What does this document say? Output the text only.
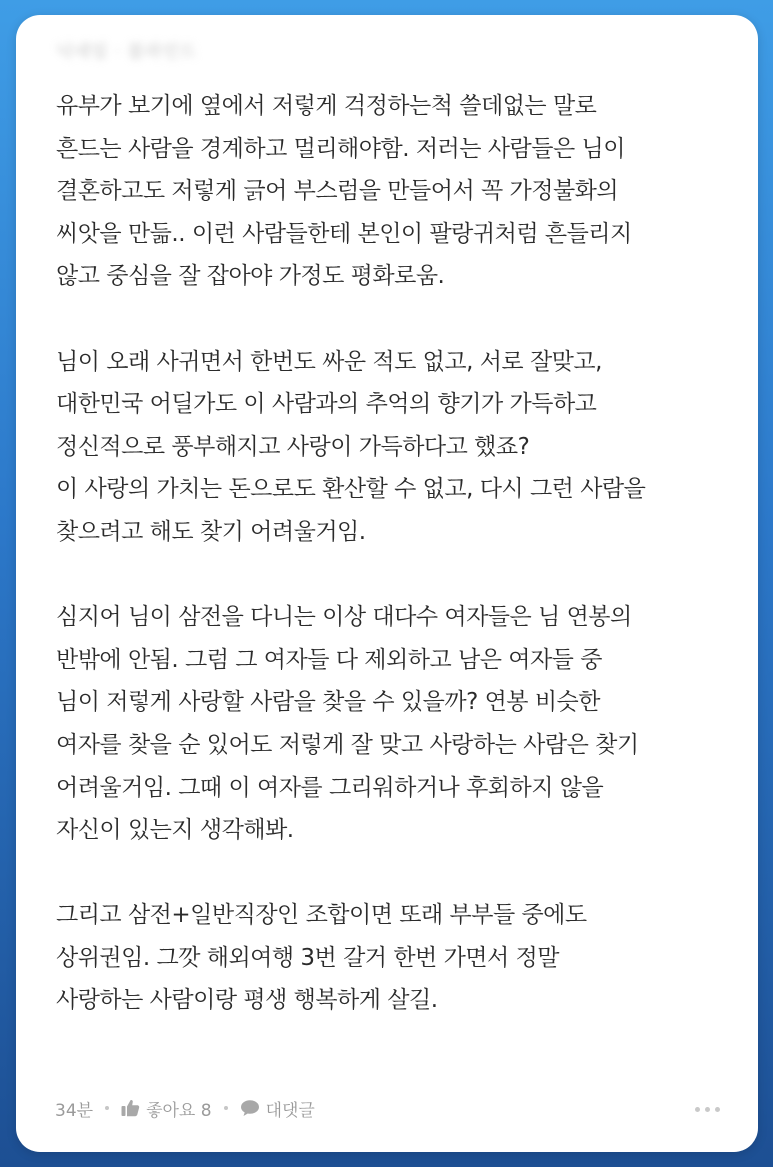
닉네임 · 블라인드
유부가 보기에 옆에서 저렇게 걱정하는척 쓸데없는 말로
흔드는 사람을 경계하고 멀리해야함. 저러는 사람들은 님이
결혼하고도 저렇게 긁어 부스럼을 만들어서 꼭 가정불화의
씨앗을 만듦.. 이런 사람들한테 본인이 팔랑귀처럼 흔들리지
않고 중심을 잘 잡아야 가정도 평화로움.
님이 오래 사귀면서 한번도 싸운 적도 없고, 서로 잘맞고,
대한민국 어딜가도 이 사람과의 추억의 향기가 가득하고
정신적으로 풍부해지고 사랑이 가득하다고 했죠?
이 사랑의 가치는 돈으로도 환산할 수 없고, 다시 그런 사람을
찾으려고 해도 찾기 어려울거임.
심지어 님이 삼전을 다니는 이상 대다수 여자들은 님 연봉의
반밖에 안됨. 그럼 그 여자들 다 제외하고 남은 여자들 중
님이 저렇게 사랑할 사람을 찾을 수 있을까? 연봉 비슷한
여자를 찾을 순 있어도 저렇게 잘 맞고 사랑하는 사람은 찾기
어려울거임. 그때 이 여자를 그리워하거나 후회하지 않을
자신이 있는지 생각해봐.
그리고 삼전+일반직장인 조합이면 또래 부부들 중에도
상위권임. 그깟 해외여행 3번 갈거 한번 가면서 정말
사랑하는 사람이랑 평생 행복하게 살길.
34분	좋아요 8	대댓글
